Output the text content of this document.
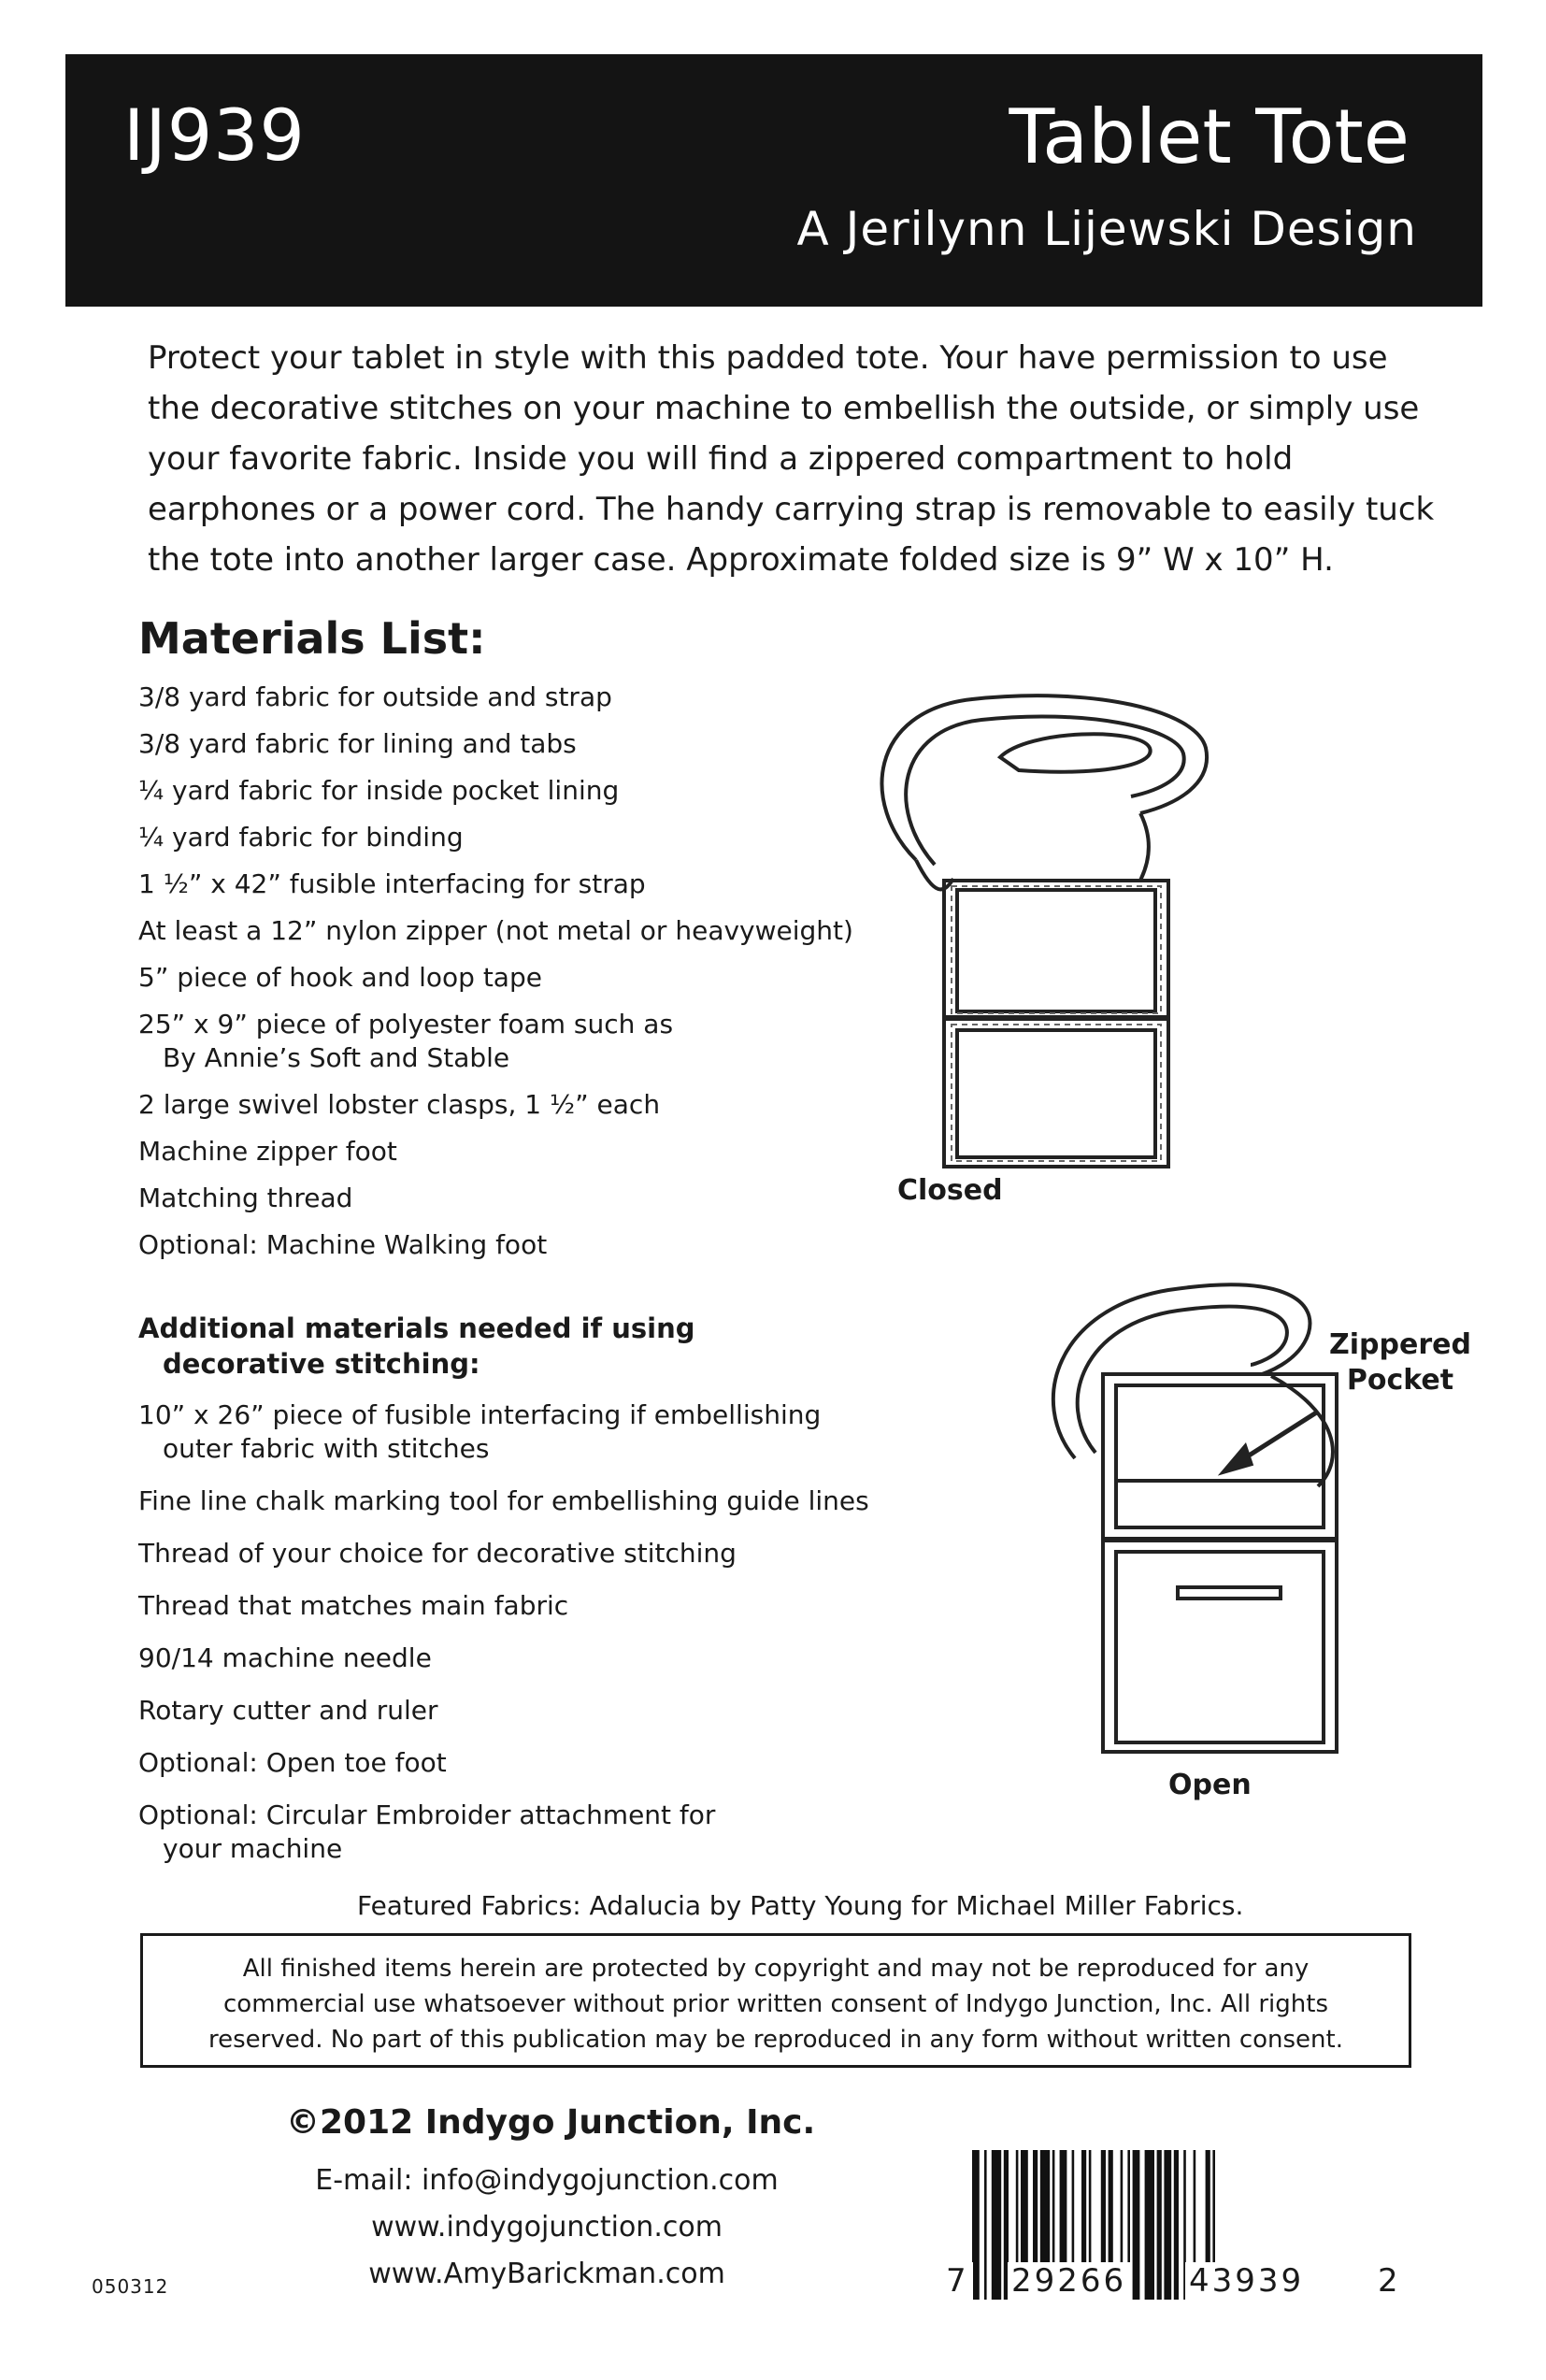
IJ939	Tablet Tote
A Jerilynn Lijewski Design
Protect your tablet in style with this padded tote. Your have permission to use the decorative stitches on your machine to embellish the outside, or simply use your favorite fabric. Inside you will find a zippered compartment to hold earphones or a power cord. The handy carrying strap is removable to easily tuck the tote into another larger case. Approximate folded size is 9” W x 10” H.
Materials List:
3/8 yard fabric for outside and strap
3/8 yard fabric for lining and tabs
¼ yard fabric for inside pocket lining
¼ yard fabric for binding
1 ½” x 42” fusible interfacing for strap
At least a 12” nylon zipper (not metal or heavyweight)
5” piece of hook and loop tape
25” x 9” piece of polyester foam such as
By Annie’s Soft and Stable
2 large swivel lobster clasps, 1 ½” each
Machine zipper foot
Matching thread
Optional: Machine Walking foot
Additional materials needed if using
decorative stitching:
10” x 26” piece of fusible interfacing if embellishing
outer fabric with stitches
Fine line chalk marking tool for embellishing guide lines
Thread of your choice for decorative stitching
Thread that matches main fabric
90/14 machine needle
Rotary cutter and ruler
Optional: Open toe foot
Optional: Circular Embroider attachment for
your machine
Closed
Zippered
Pocket
Open
Featured Fabrics: Adalucia by Patty Young for Michael Miller Fabrics.
All finished items herein are protected by copyright and may not be reproduced for any
commercial use whatsoever without prior written consent of Indygo Junction, Inc. All rights
reserved. No part of this publication may be reproduced in any form without written consent.
©2012 Indygo Junction, Inc.
E-mail: info@indygojunction.com
www.indygojunction.com
www.AmyBarickman.com
050312	7 29266 43939 2
